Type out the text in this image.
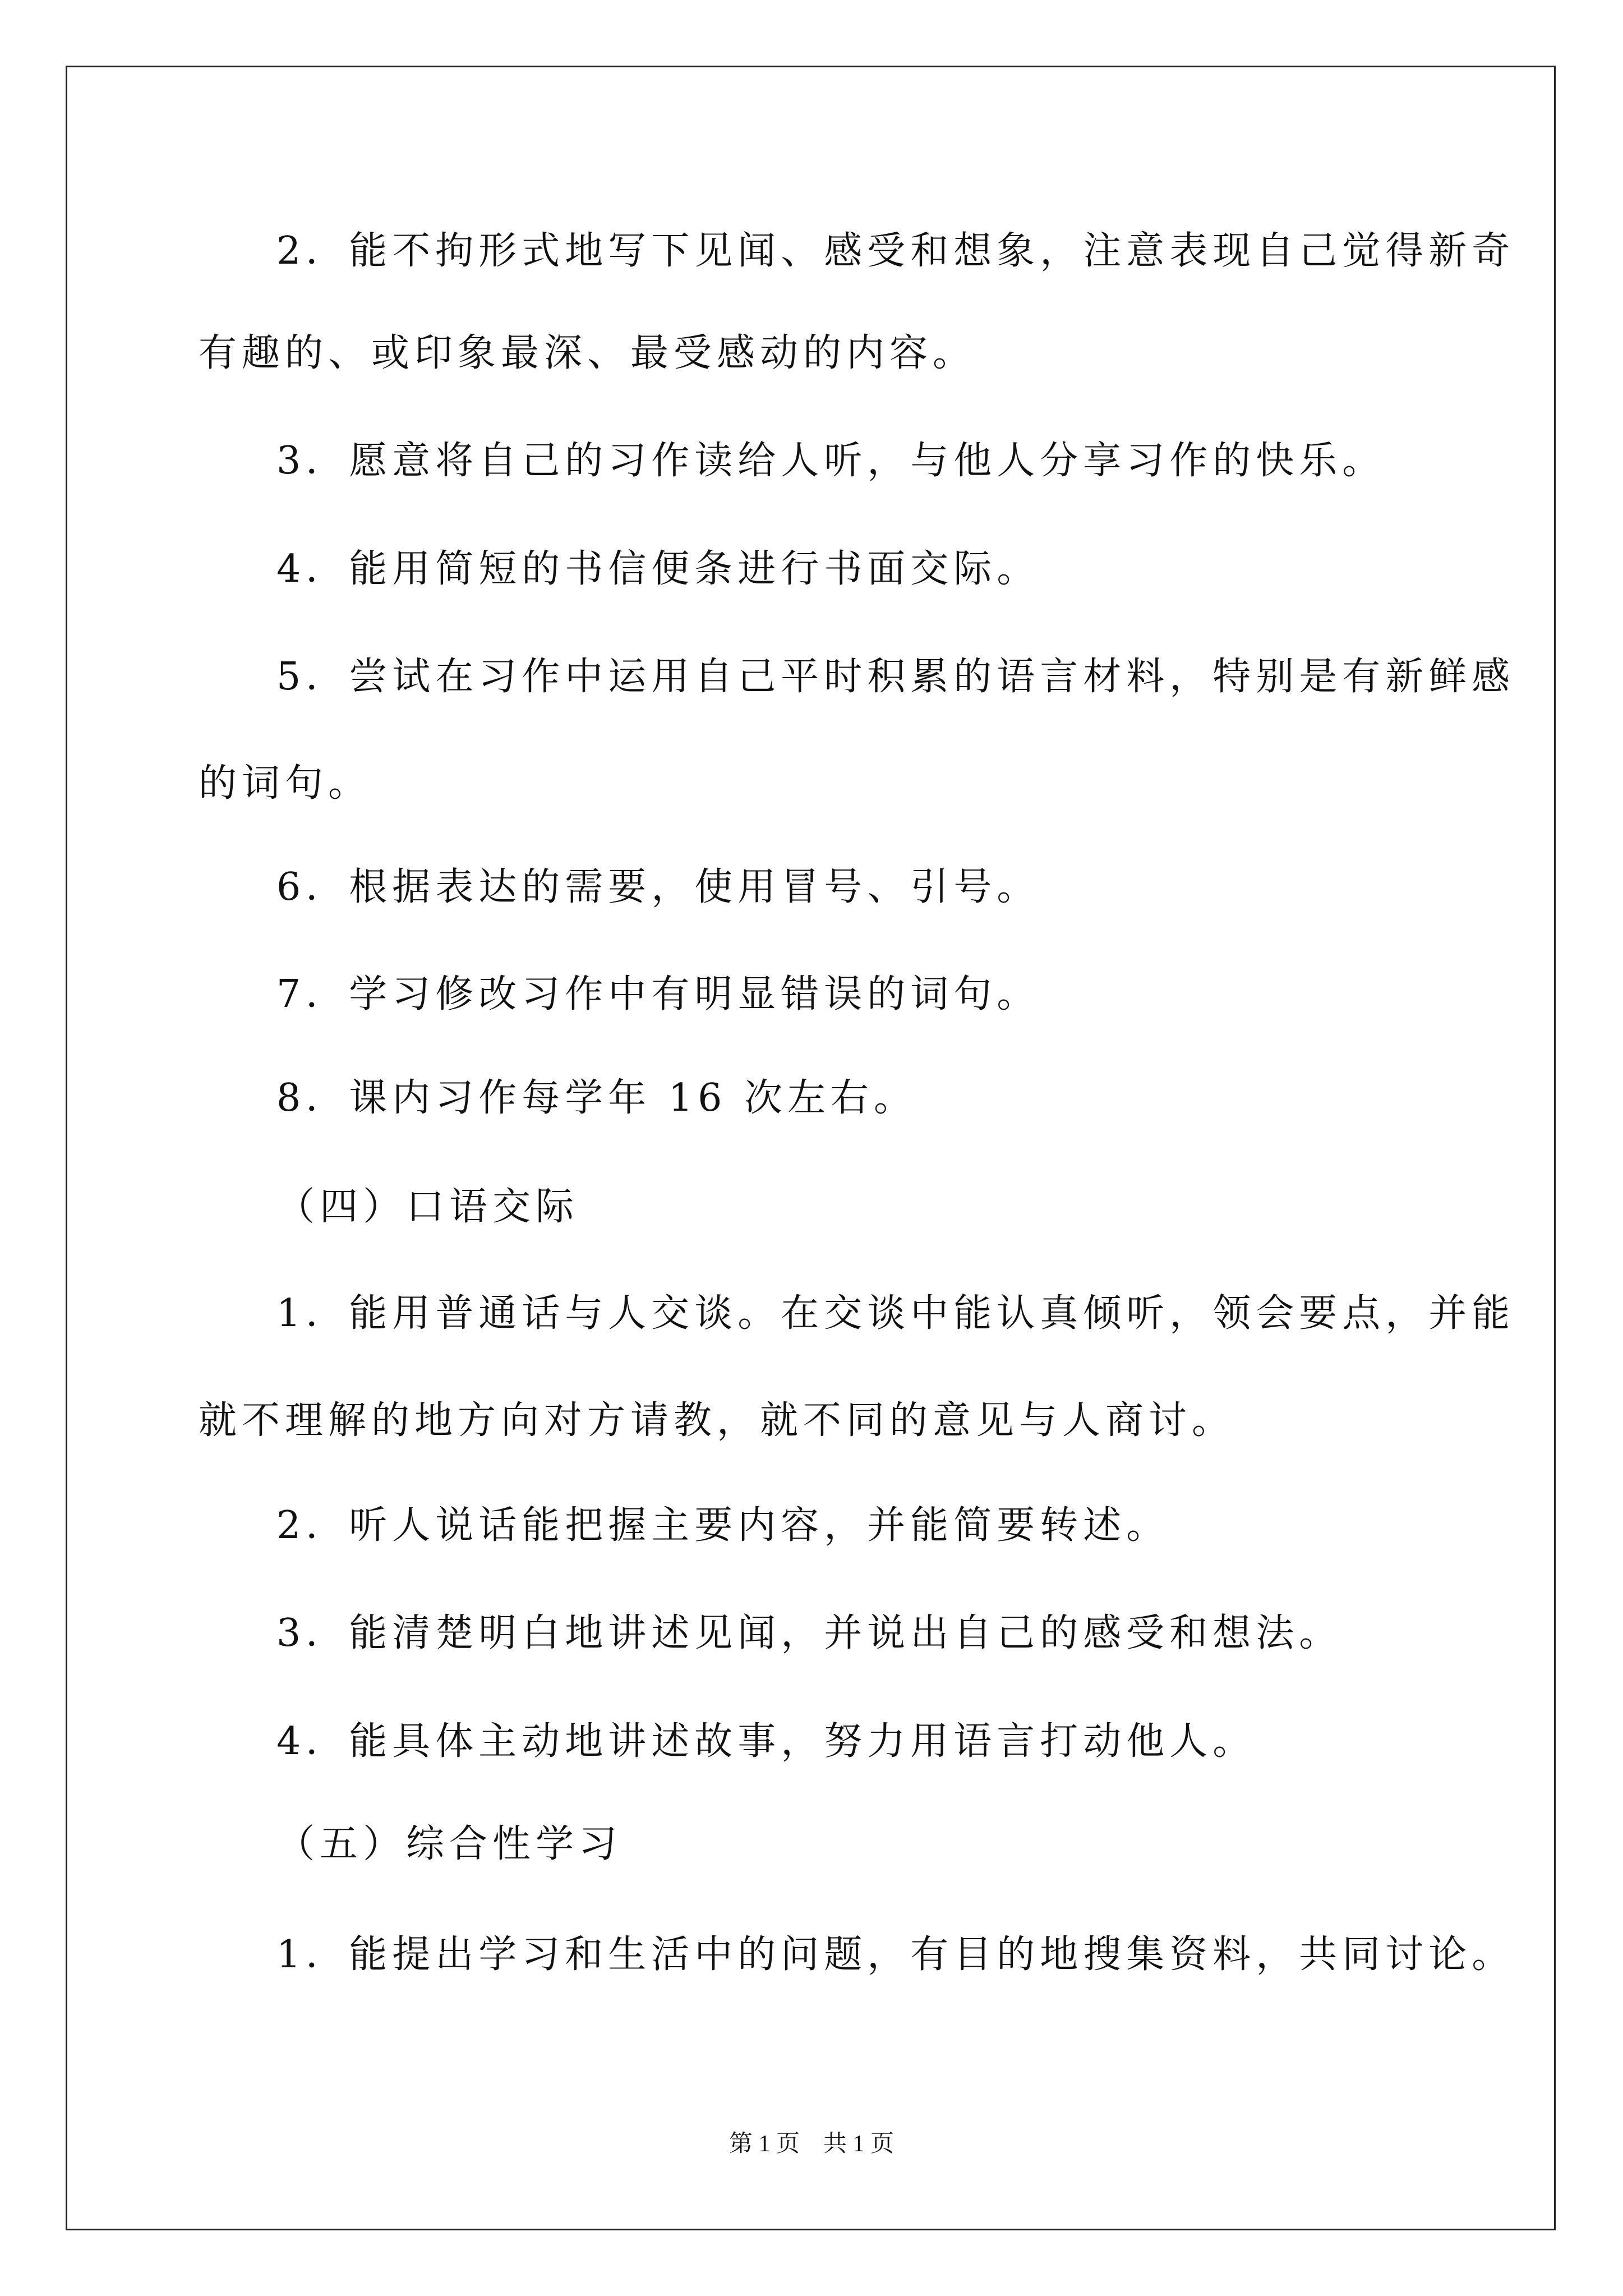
2．能不拘形式地写下见闻、感受和想象，注意表现自己觉得新奇

有趣的、或印象最深、最受感动的内容。

3．愿意将自己的习作读给人听，与他人分享习作的快乐。

4．能用简短的书信便条进行书面交际。

5．尝试在习作中运用自己平时积累的语言材料，特别是有新鲜感

的词句。

6．根据表达的需要，使用冒号、引号。

7．学习修改习作中有明显错误的词句。

8．课内习作每学年 16 次左右。

（四）口语交际

1．能用普通话与人交谈。在交谈中能认真倾听，领会要点，并能

就不理解的地方向对方请教，就不同的意见与人商讨。

2．听人说话能把握主要内容，并能简要转述。

3．能清楚明白地讲述见闻，并说出自己的感受和想法。

4．能具体主动地讲述故事，努力用语言打动他人。

（五）综合性学习

1．能提出学习和生活中的问题，有目的地搜集资料，共同讨论。

第 1 页　共 1 页
